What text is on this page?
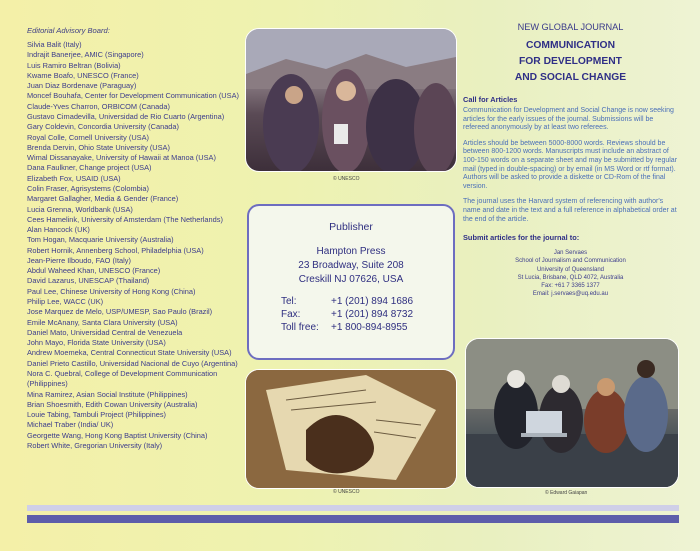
Editorial Advisory Board:
Silvia Balit (Italy)
Indrajit Banerjee, AMIC (Singapore)
Luis Ramiro Beltran (Bolivia)
Kwame Boafo, UNESCO (France)
Juan Diaz Bordenave (Paraguay)
Moncef Bouhafa, Center for Development Communication (USA)
Claude-Yves Charron, ORBICOM (Canada)
Gustavo Cimadevilla, Universidad de Rio Cuarto (Argentina)
Gary Coldevin, Concordia University (Canada)
Royal Colle, Cornell University (USA)
Brenda Dervin, Ohio State University (USA)
Wimal Dissanayake, University of Hawaii at Manoa (USA)
Dana Faulkner, Change project (USA)
Elizabeth Fox, USAID (USA)
Colin Fraser, Agrisystems (Colombia)
Margaret Gallagher, Media & Gender (France)
Lucia Grenna, Worldbank (USA)
Cees Hamelink, University of Amsterdam (The Netherlands)
Alan Hancock (UK)
Tom Hogan, Macquarie University (Australia)
Robert Hornik, Annenberg School, Philadelphia (USA)
Jean-Pierre Ilboudo, FAO (Italy)
Abdul Waheed Khan, UNESCO (France)
David Lazarus, UNESCAP (Thailand)
Paul Lee, Chinese University of Hong Kong (China)
Philip Lee, WACC (UK)
Jose Marquez de Melo, USP/UMESP, Sao Paulo (Brazil)
Emile McAnany, Santa Clara University (USA)
Daniel Mato, Universidad Central de Venezuela
John Mayo, Florida State University (USA)
Andrew Moemeka, Central Connecticut State University (USA)
Daniel Prieto Castillo, Universidad Nacional de Cuyo (Argentina)
Nora C. Quebral, College of Development Communication
(Philippines)
Mina Ramirez, Asian Social Institute (Philippines)
Brian Shoesmith, Edith Cowan University (Australia)
Louie Tabing, Tambuli Project (Philippines)
Michael Traber (India/ UK)
Georgette Wang, Hong Kong Baptist University (China)
Robert White, Gregorian University (Italy)
© UNESCO
© UNESCO
Publisher
Hampton Press
23 Broadway, Suite 208
Creskill NJ 07626, USA
Tel:	+1 (201) 894 1686
Fax:	+1 (201) 894 8732
Toll free: +1 800-894-8955
NEW GLOBAL JOURNAL
COMMUNICATION
FOR DEVELOPMENT
AND SOCIAL CHANGE
Call for Articles
Communication for Development and Social Change is now seeking articles for the early issues of the journal. Submissions will be refereed anonymously by at least two referees.
Articles should be between 5000-8000 words. Reviews should be between 800-1200 words. Manuscripts must include an abstract of 100-150 words on a separate sheet and may be submitted by regular mail (typed in double-spacing) or by email (in MS Word or rtf format). Authors will be asked to provide a diskette or CD-Rom of the final version.
The journal uses the Harvard system of referencing with author's name and date in the text and a full reference in alphabetical order at the end of the article.
Submit articles for the journal to:
Jan Servaes
School of Journalism and Communication
University of Queensland
St Lucia, Brisbane, QLD 4072, Australia
Fax: +61 7 3365 1377
Email: j.servaes@uq.edu.au
© Edward Gaiapan
